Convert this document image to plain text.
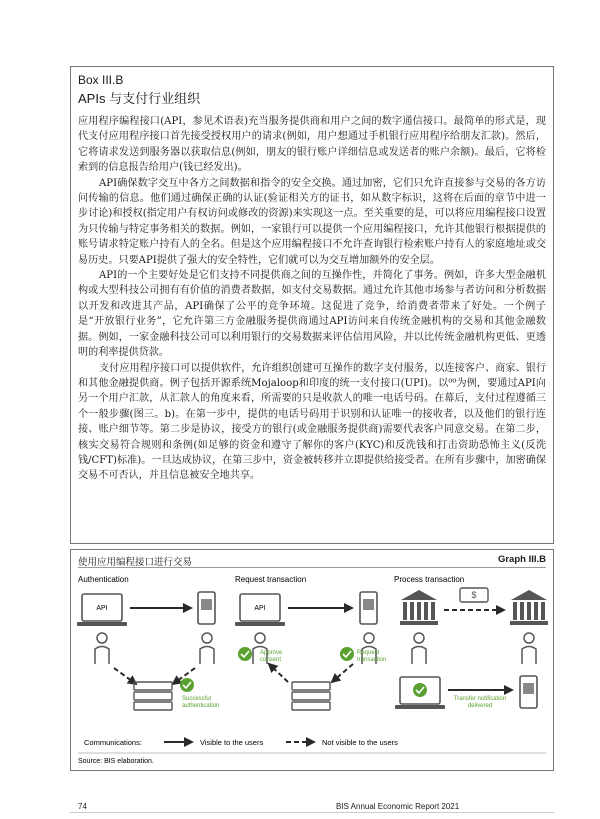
Box III.B
APIs 与支付行业组织

应用程序编程接口(API，参见术语表)充当服务提供商和用户之间的数字通信接口。最简单的形式是，现代支付应用程序接口首先接受授权用户的请求(例如，用户想通过手机银行应用程序给朋友汇款)。然后，它将请求发送到服务器以获取信息(例如，朋友的银行账户详细信息或发送者的账户余额)。最后，它将检索到的信息报告给用户(钱已经发出)。

API确保数字交互中各方之间数据和指令的安全交换。通过加密，它们只允许直接参与交易的各方访问传输的信息。他们通过确保正确的认证(验证相关方的证书，如从数字标识，这将在后面的章节中进一步讨论)和授权(指定用户有权访问或修改的资源)来实现这一点。至关重要的是，可以将应用编程接口设置为只传输与特定事务相关的数据。例如，一家银行可以提供一个应用编程接口，允许其他银行根据提供的账号请求特定账户持有人的全名。但是这个应用编程接口不允许查询银行检索账户持有人的家庭地址或交易历史。只要API提供了强大的安全特性，它们就可以为交互增加额外的安全层。

API的一个主要好处是它们支持不同提供商之间的互操作性，并简化了事务。例如，许多大型金融机构或大型科技公司拥有有价值的消费者数据，如支付交易数据。通过允许其他市场参与者访问和分析数据以开发和改进其产品，API确保了公平的竞争环境。这促进了竞争，给消费者带来了好处。一个例子是“开放银行业务”，它允许第三方金融服务提供商通过API访问来自传统金融机构的交易和其他金融数据。例如，一家金融科技公司可以利用银行的交易数据来评估信用风险，并以比传统金融机构更低、更透明的利率提供贷款。

支付应用程序接口可以提供软件，允许组织创建可互操作的数字支付服务，以连接客户、商家、银行和其他金融提供商。例子包括开源系统Mojaloop和印度的统一支付接口(UPI)。以⁰⁰为例，要通过API向另一个用户汇款，从汇款人的角度来看，所需要的只是收款人的唯一电话号码。在幕后，支付过程遵循三个一般步骤(图三。b)。在第一步中，提供的电话号码用于识别和认证唯一的接收者，以及他们的银行连接、账户细节等。第二步是协议，接受方的银行(或金融服务提供商)需要代表客户同意交易。在第二步，核实交易符合规则和条例(如足够的资金和遵守了解你的客户(KYC)和反洗钱和打击资助恐怖主义(反洗钱/CFT)标准)。一旦达成协议，在第三步中，资金被转移并立即提供给接受者。在所有步骤中，加密确保交易不可否认，并且信息被安全地共享。

使用应用编程接口进行交易	Graph III.B
Authentication	Request transaction	Process transaction
API
Successful authentication
API
Approve consent
Request transaction
$
Transfer notification delivered
Communications:	Visible to the users	Not visible to the users
Source: BIS elaboration.
74	BIS Annual Economic Report 2021
